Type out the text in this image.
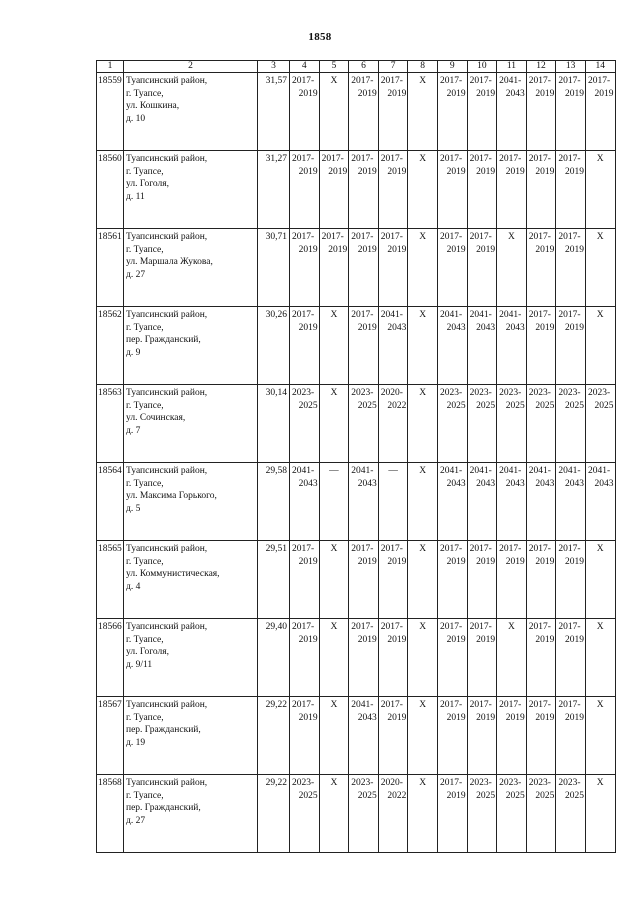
1858
1	2	3	4	5	6	7	8	9	10	11	12	13	14
18559	Туапсинский район,
г. Туапсе,
ул. Кошкина,
д. 10	31,57	2017-
2019	Х	2017-
2019	2017-
2019	Х	2017-
2019	2017-
2019	2041-
2043	2017-
2019	2017-
2019	2017-
2019

18560	Туапсинский район,
г. Туапсе,
ул. Гоголя,
д. 11	31,27	2017-
2019	2017-
2019	2017-
2019	2017-
2019	Х	2017-
2019	2017-
2019	2017-
2019	2017-
2019	2017-
2019	Х

18561	Туапсинский район,
г. Туапсе,
ул. Маршала Жукова,
д. 27	30,71	2017-
2019	2017-
2019	2017-
2019	2017-
2019	Х	2017-
2019	2017-
2019	Х	2017-
2019	2017-
2019	Х

18562	Туапсинский район,
г. Туапсе,
пер. Гражданский,
д. 9	30,26	2017-
2019	Х	2017-
2019	2041-
2043	Х	2041-
2043	2041-
2043	2041-
2043	2017-
2019	2017-
2019	Х

18563	Туапсинский район,
г. Туапсе,
ул. Сочинская,
д. 7	30,14	2023-
2025	Х	2023-
2025	2020-
2022	Х	2023-
2025	2023-
2025	2023-
2025	2023-
2025	2023-
2025	2023-
2025

18564	Туапсинский район,
г. Туапсе,
ул. Максима Горького,
д. 5	29,58	2041-
2043	—	2041-
2043	—	Х	2041-
2043	2041-
2043	2041-
2043	2041-
2043	2041-
2043	2041-
2043

18565	Туапсинский район,
г. Туапсе,
ул. Коммунистическая,
д. 4	29,51	2017-
2019	Х	2017-
2019	2017-
2019	Х	2017-
2019	2017-
2019	2017-
2019	2017-
2019	2017-
2019	Х

18566	Туапсинский район,
г. Туапсе,
ул. Гоголя,
д. 9/11	29,40	2017-
2019	Х	2017-
2019	2017-
2019	Х	2017-
2019	2017-
2019	Х	2017-
2019	2017-
2019	Х

18567	Туапсинский район,
г. Туапсе,
пер. Гражданский,
д. 19	29,22	2017-
2019	Х	2041-
2043	2017-
2019	Х	2017-
2019	2017-
2019	2017-
2019	2017-
2019	2017-
2019	Х

18568	Туапсинский район,
г. Туапсе,
пер. Гражданский,
д. 27	29,22	2023-
2025	Х	2023-
2025	2020-
2022	Х	2017-
2019	2023-
2025	2023-
2025	2023-
2025	2023-
2025	Х
